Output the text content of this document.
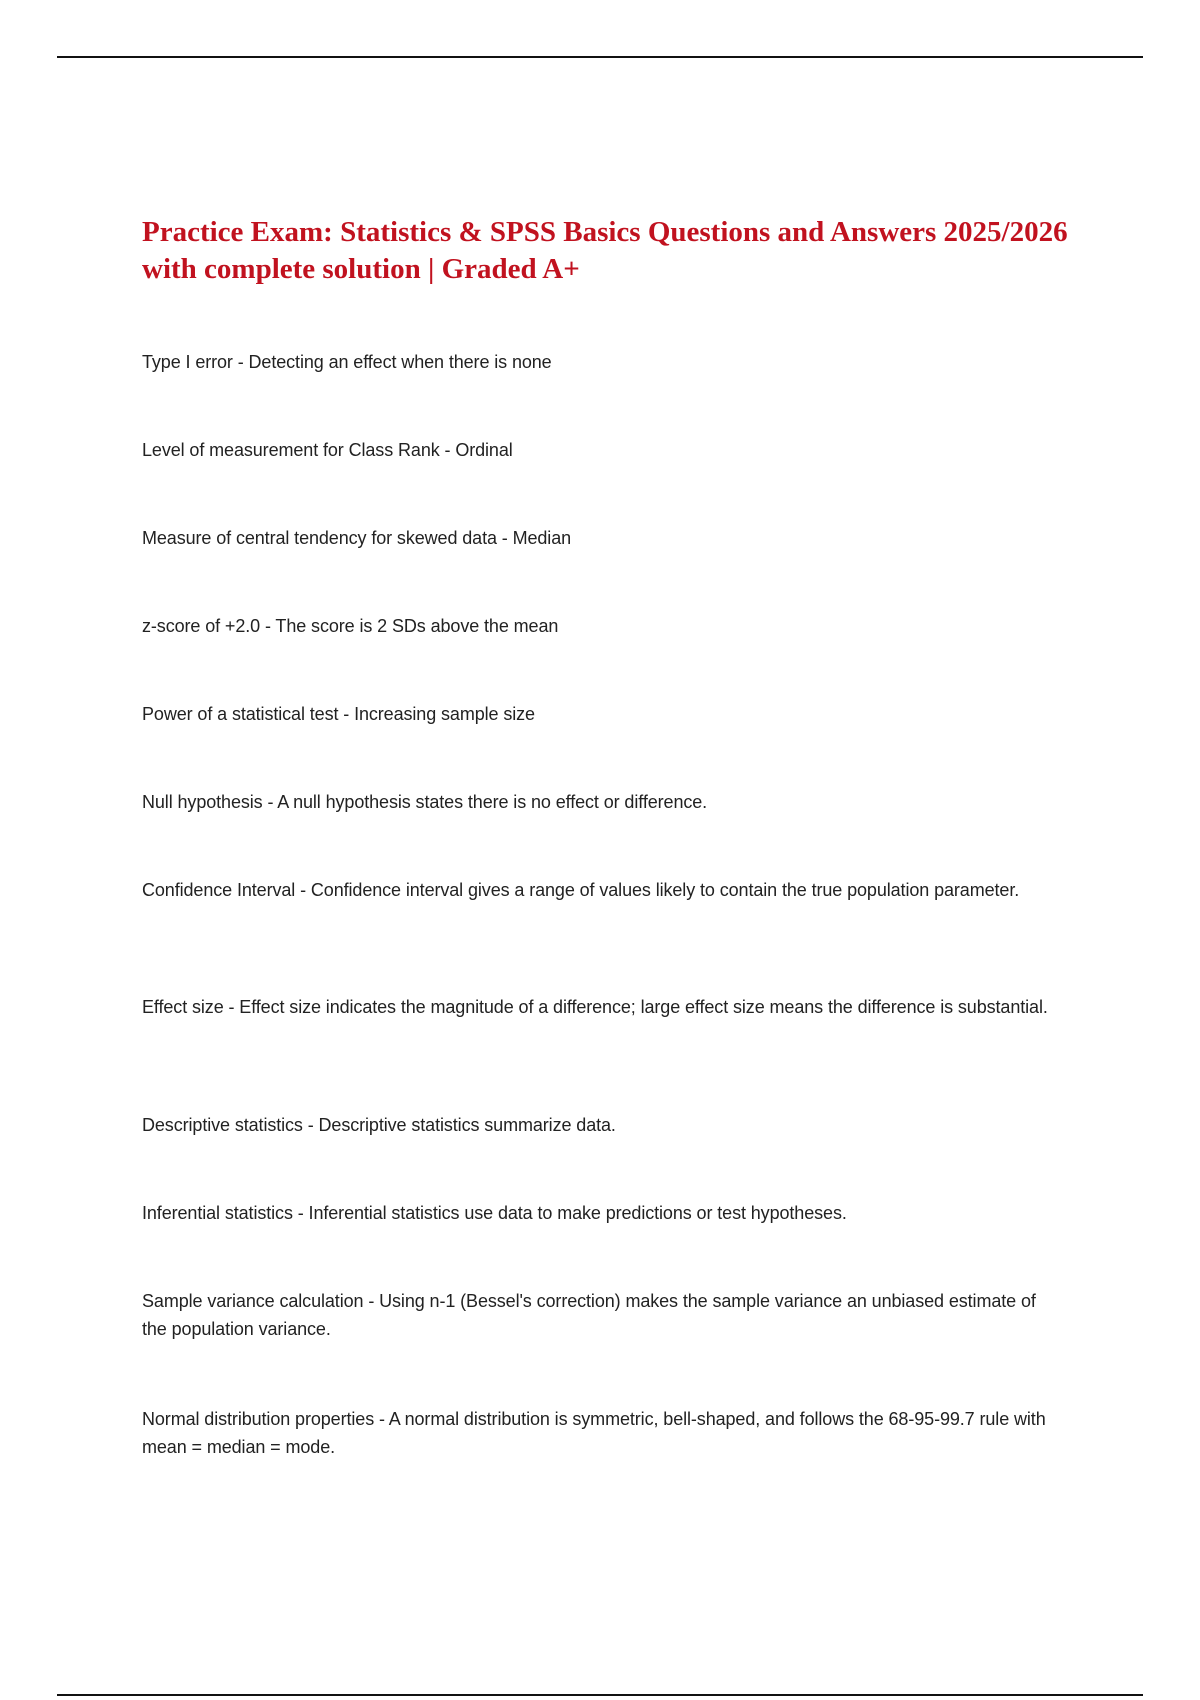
Practice Exam: Statistics & SPSS Basics Questions and Answers 2025/2026 with complete solution | Graded A+
Type I error - Detecting an effect when there is none
Level of measurement for Class Rank - Ordinal
Measure of central tendency for skewed data - Median
z-score of +2.0 - The score is 2 SDs above the mean
Power of a statistical test - Increasing sample size
Null hypothesis - A null hypothesis states there is no effect or difference.
Confidence Interval - Confidence interval gives a range of values likely to contain the true population parameter.
Effect size - Effect size indicates the magnitude of a difference; large effect size means the difference is substantial.
Descriptive statistics - Descriptive statistics summarize data.
Inferential statistics - Inferential statistics use data to make predictions or test hypotheses.
Sample variance calculation - Using n-1 (Bessel's correction) makes the sample variance an unbiased estimate of the population variance.
Normal distribution properties - A normal distribution is symmetric, bell-shaped, and follows the 68-95-99.7 rule with mean = median = mode.
